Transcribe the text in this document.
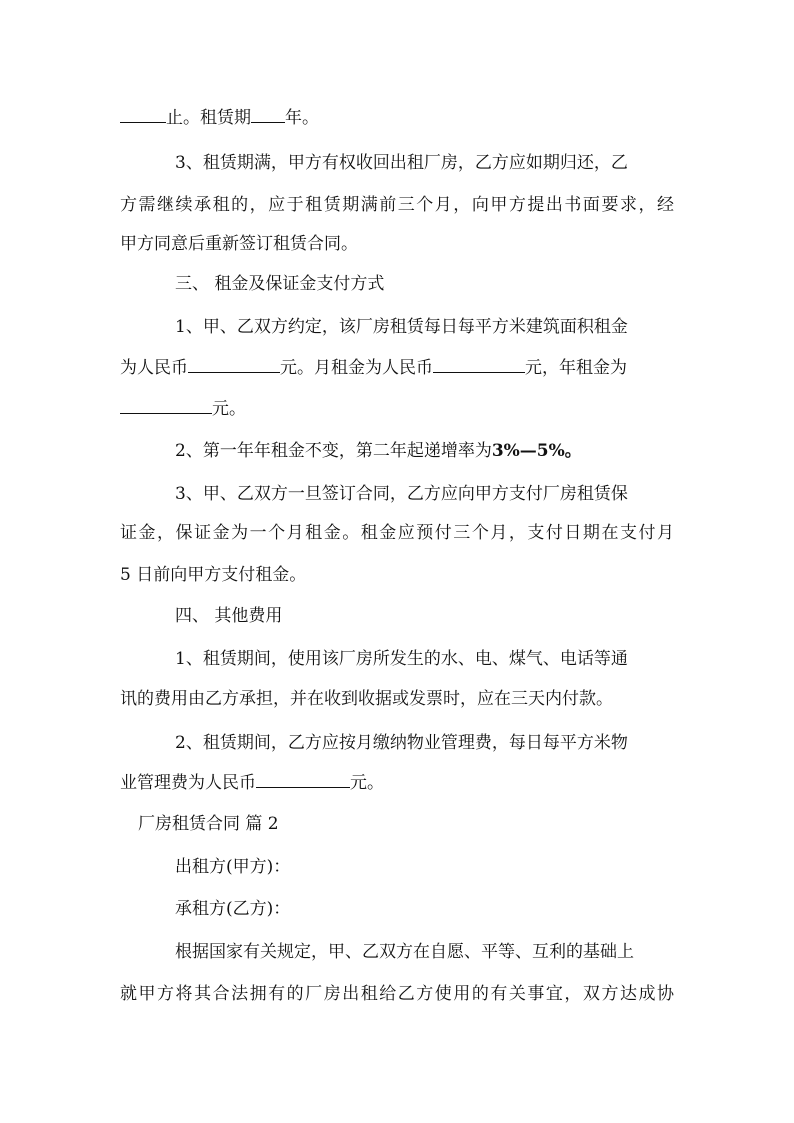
止。租赁期 年。
3、租赁期满，甲方有权收回出租厂房，乙方应如期归还，乙
方需继续承租的，应于租赁期满前三个月，向甲方提出书面要求，经
甲方同意后重新签订租赁合同。
三、 租金及保证金支付方式
1、甲、乙双方约定，该厂房租赁每日每平方米建筑面积租金
为人民币	元。月租金为人民币	元，年租金为
元。
2、第一年年租金不变，第二年起递增率为3%—5%。
3、甲、乙双方一旦签订合同，乙方应向甲方支付厂房租赁保
证金，保证金为一个月租金。租金应预付三个月，支付日期在支付月
5 日前向甲方支付租金。
四、 其他费用
1、租赁期间，使用该厂房所发生的水、电、煤气、电话等通
讯的费用由乙方承担，并在收到收据或发票时，应在三天内付款。
2、租赁期间，乙方应按月缴纳物业管理费，每日每平方米物
业管理费为人民币	元。
厂房租赁合同 篇 2
出租方(甲方)：
承租方(乙方)：
根据国家有关规定，甲、乙双方在自愿、平等、互利的基础上
就甲方将其合法拥有的厂房出租给乙方使用的有关事宜，双方达成协
